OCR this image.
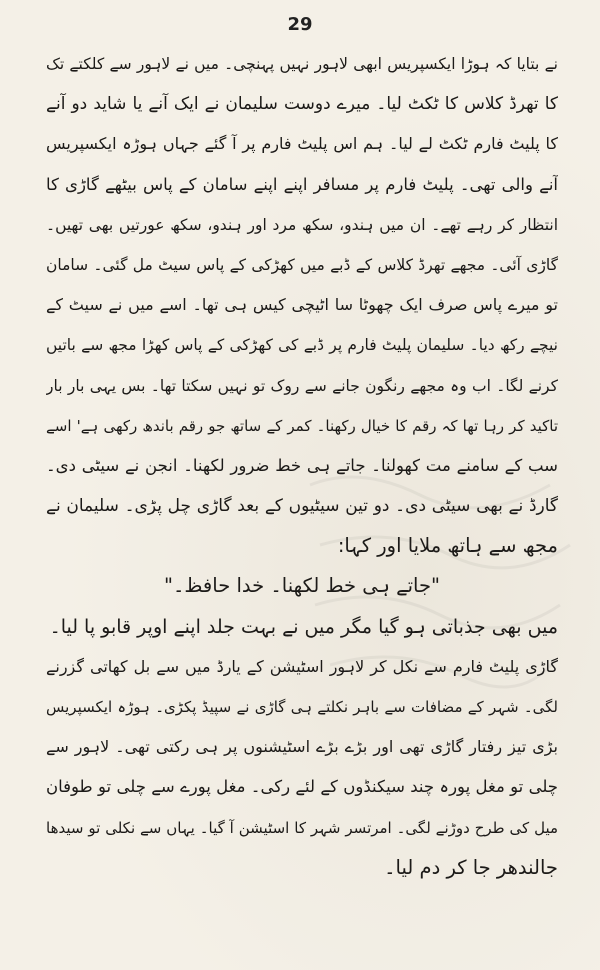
29
نے بتایا کہ ہوڑا ایکسپریس ابھی لاہور نہیں پہنچی۔ میں نے لاہور سے کلکتے تک
کا تھرڈ کلاس کا ٹکٹ لیا۔ میرے دوست سلیمان نے ایک آنے یا شاید دو آنے
کا پلیٹ فارم ٹکٹ لے لیا۔ ہم اس پلیٹ فارم پر آ گئے جہاں ہوڑہ ایکسپریس
آنے والی تھی۔ پلیٹ فارم پر مسافر اپنے اپنے سامان کے پاس بیٹھے گاڑی کا
انتظار کر رہے تھے۔ ان میں ہندو، سکھ مرد اور ہندو، سکھ عورتیں بھی تھیں۔
گاڑی آئی۔ مجھے تھرڈ کلاس کے ڈبے میں کھڑکی کے پاس سیٹ مل گئی۔ سامان
تو میرے پاس صرف ایک چھوٹا سا اٹیچی کیس ہی تھا۔ اسے میں نے سیٹ کے
نیچے رکھ دیا۔ سلیمان پلیٹ فارم پر ڈبے کی کھڑکی کے پاس کھڑا مجھ سے باتیں
کرنے لگا۔ اب وہ مجھے رنگون جانے سے روک تو نہیں سکتا تھا۔ بس یہی بار بار
تاکید کر رہا تھا کہ رقم کا خیال رکھنا۔ کمر کے ساتھ جو رقم باندھ رکھی ہے' اسے
سب کے سامنے مت کھولنا۔ جاتے ہی خط ضرور لکھنا۔ انجن نے سیٹی دی۔
گارڈ نے بھی سیٹی دی۔ دو تین سیٹیوں کے بعد گاڑی چل پڑی۔ سلیمان نے
مجھ سے ہاتھ ملایا اور کہا:
"جاتے ہی خط لکھنا۔ خدا حافظ۔"
میں بھی جذباتی ہو گیا مگر میں نے بہت جلد اپنے اوپر قابو پا لیا۔
گاڑی پلیٹ فارم سے نکل کر لاہور اسٹیشن کے یارڈ میں سے بل کھاتی گزرنے
لگی۔ شہر کے مضافات سے باہر نکلتے ہی گاڑی نے سپیڈ پکڑی۔ ہوڑہ ایکسپریس
بڑی تیز رفتار گاڑی تھی اور بڑے بڑے اسٹیشنوں پر ہی رکتی تھی۔ لاہور سے
چلی تو مغل پورہ چند سیکنڈوں کے لئے رکی۔ مغل پورے سے چلی تو طوفان
میل کی طرح دوڑنے لگی۔ امرتسر شہر کا اسٹیشن آ گیا۔ یہاں سے نکلی تو سیدھا
جالندھر جا کر دم لیا۔
